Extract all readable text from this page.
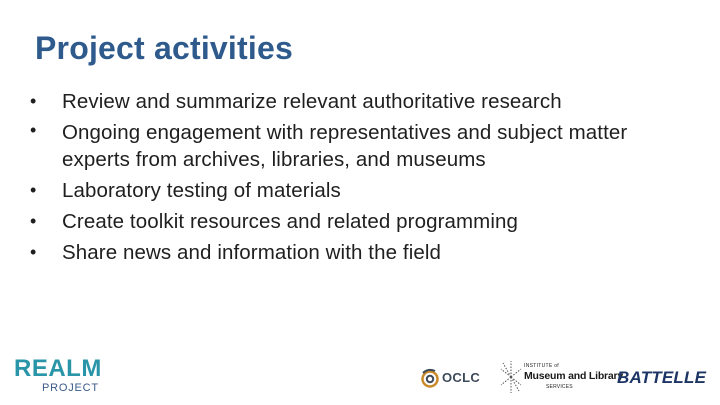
Project activities
• Review and summarize relevant authoritative research
• Ongoing engagement with representatives and subject matter experts from archives, libraries, and museums
• Laboratory testing of materials
• Create toolkit resources and related programming
• Share news and information with the field
REALM
PROJECT
OCLC
INSTITUTE of
Museum and Library
SERVICES	BATTELLE
